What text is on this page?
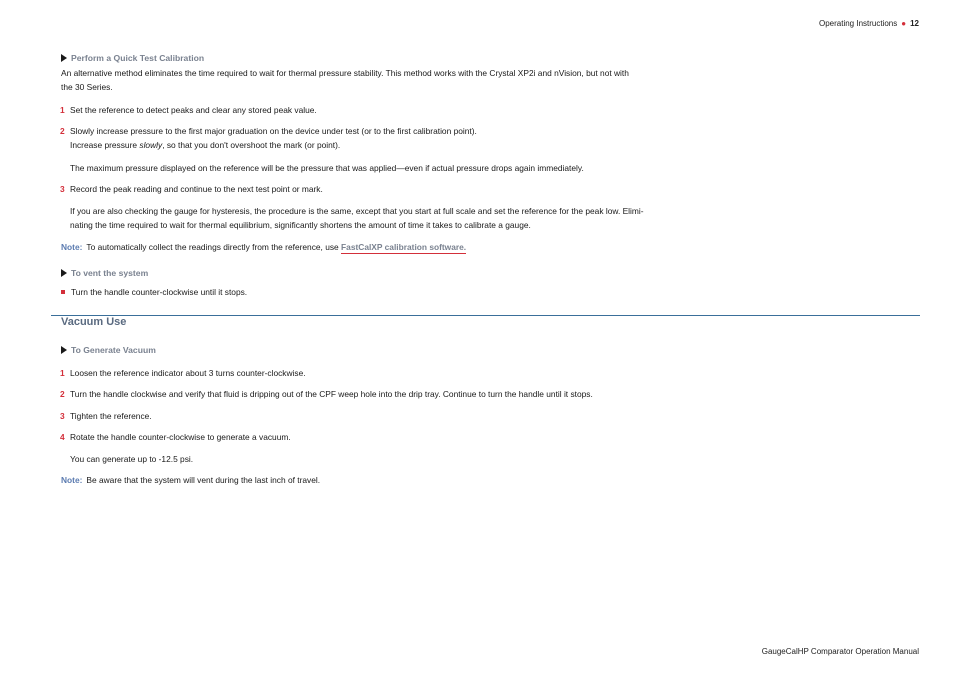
Operating Instructions ● 12
Perform a Quick Test Calibration
An alternative method eliminates the time required to wait for thermal pressure stability. This method works with the Crystal XP2i and nVision, but not with
the 30 Series.
1 Set the reference to detect peaks and clear any stored peak value.
2 Slowly increase pressure to the first major graduation on the device under test (or to the first calibration point).
Increase pressure slowly, so that you don't overshoot the mark (or point).
The maximum pressure displayed on the reference will be the pressure that was applied—even if actual pressure drops again immediately.
3 Record the peak reading and continue to the next test point or mark.
If you are also checking the gauge for hysteresis, the procedure is the same, except that you start at full scale and set the reference for the peak low. Elimi-
nating the time required to wait for thermal equilibrium, significantly shortens the amount of time it takes to calibrate a gauge.
Note: To automatically collect the readings directly from the reference, use FastCalXP calibration software.
To vent the system
Turn the handle counter-clockwise until it stops.
Vacuum Use
To Generate Vacuum
1 Loosen the reference indicator about 3 turns counter-clockwise.
2 Turn the handle clockwise and verify that fluid is dripping out of the CPF weep hole into the drip tray. Continue to turn the handle until it stops.
3 Tighten the reference.
4 Rotate the handle counter-clockwise to generate a vacuum.
You can generate up to -12.5 psi.
Note: Be aware that the system will vent during the last inch of travel.
GaugeCalHP Comparator Operation Manual
